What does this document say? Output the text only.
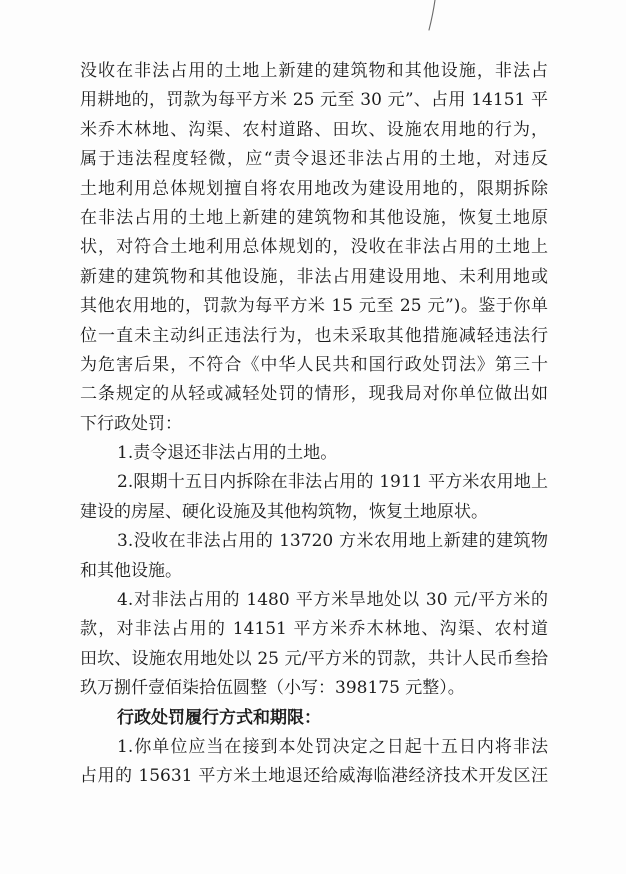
没收在非法占用的土地上新建的建筑物和其他设施，非法占
用耕地的，罚款为每平方米 25 元至 30 元”、占用 14151 平
米乔木林地、沟渠、农村道路、田坎、设施农用地的行为，
属于违法程度轻微，应“责令退还非法占用的土地，对违反
土地利用总体规划擅自将农用地改为建设用地的，限期拆除
在非法占用的土地上新建的建筑物和其他设施，恢复土地原
状，对符合土地利用总体规划的，没收在非法占用的土地上
新建的建筑物和其他设施，非法占用建设用地、未利用地或
其他农用地的，罚款为每平方米 15 元至 25 元”)。鉴于你单
位一直未主动纠正违法行为，也未采取其他措施减轻违法行
为危害后果，不符合《中华人民共和国行政处罚法》第三十
二条规定的从轻或减轻处罚的情形，现我局对你单位做出如
下行政处罚：
1.责令退还非法占用的土地。
2.限期十五日内拆除在非法占用的 1911 平方米农用地上
建设的房屋、硬化设施及其他构筑物，恢复土地原状。
3.没收在非法占用的 13720 方米农用地上新建的建筑物
和其他设施。
4.对非法占用的 1480 平方米旱地处以 30 元/平方米的
款，对非法占用的 14151 平方米乔木林地、沟渠、农村道
田坎、设施农用地处以 25 元/平方米的罚款，共计人民币叁拾
玖万捌仟壹佰柒拾伍圆整（小写：398175 元整）。
行政处罚履行方式和期限：
1.你单位应当在接到本处罚决定之日起十五日内将非法
占用的 15631 平方米土地退还给威海临港经济技术开发区汪
